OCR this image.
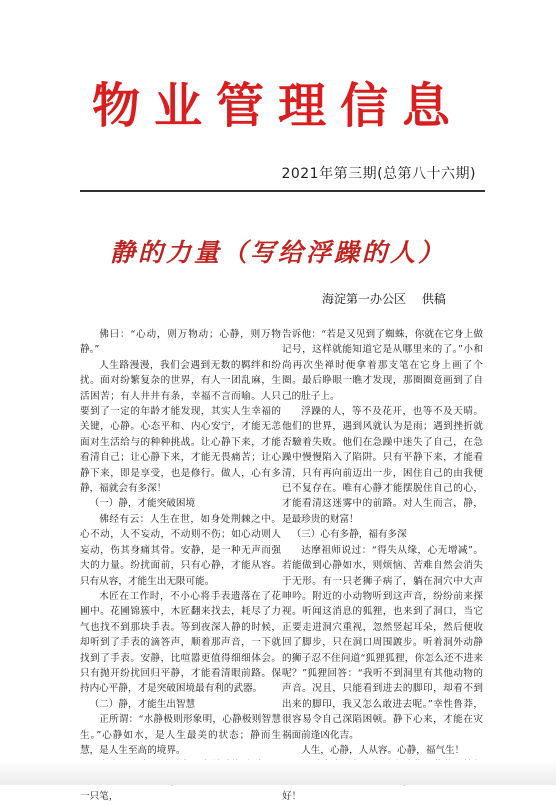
物业管理信息
2021年第三期(总第八十六期)
静的力量（写给浮躁的人）
海淀第一办公区 供稿

佛曰：“心动，则万物动；心静，则万物静。”

人生路漫漫，我们会遇到无数的羁绊和纷扰。面对纷繁复杂的世界，有人一团乱麻，生活困苦；有人井井有条，幸福不言而喻。人只要到了一定的年龄才能发现，其实人生幸福的关键，心静。心态平和、内心安宁，才能无恙面对生活给与的种种挑战。让心静下来，才能看清自己；让心静下来，才能无畏痛苦；让心静下来，即是享受，也是修行。做人，心有多静，福就会有多深！

（一）静，才能突破困境

佛经有云：人生在世，如身处荆棘之中。心不动，人不妄动，不动则不伤；如心动则人妄动，伤其身痛其骨。安静，是一种无声而强大的力量。纷扰面前，只有心静，才能从容。只有从容，才能生出无限可能。

木匠在工作时，不小心将手表遗落在了花圃中。花圃锦簇中，木匠翻来找去，耗尽了力气也找不到那块手表。等到夜深人静的时候，却听到了手表的滴答声，顺着那声音，一下就找到了手表。安静，比喧嚣更值得细细体会。只有抛开纷扰回归平静，才能看清眼前路。保持内心平静，才是突破困境最有利的武器。

（二）静，才能生出智慧

正所谓：“水静极则形象明，心静极则智慧生。”心静如水，是人生最美的状态；静而生慧，是人生至高的境界。

一只笔，

告诉他：“若是又见到了蜘蛛，你就在它身上做记号，这样就能知道它是从哪里来的了。”小和尚再次坐禅时便拿着那支笔在它身上画了个圈。最后睁眼一瞧才发现，那圈圈竟画到了自己的肚子上。

浮躁的人，等不及花开，也等不及天晴。他们的世界，遇到风就认为是雨；遇到挫折就否驗着失败。他们在急躁中迷失了自己，在急躁中慢慢陷入了陷阱。只有平静下来，才能看清，只有再向前迈出一步，困住自己的由我便已不复存在。唯有心静才能摆脱住自己的心，才能看清这迷雾中的前路。对人生而言，静，是最珍贵的财富！

（三）心有多静，福有多深

达摩祖师说过：“得失从缘，心无增减”。若能做到心静如水，则烦恼、苦难自然会消失于无形。有一只老狮子病了，躺在洞穴中大声呻吟。附近的小动物听到这声音，纷纷前来探视。听闻这消息的狐狸，也来到了洞口，当它正要走进洞穴重视，忽然竖起耳朵，然后便收回了脚步，只在洞口周围踱步。听着洞外动静的狮子忍不住问道“狐狸狐狸，你怎么还不进来呢？”狐狸回答：“我听不到洞里有其他动物的声音。况且，只能看到进去的脚印，却看不到出来的脚印，我又怎么敢进去呢。”幸性鲁莽，很容易令自己深陷困顿。静下心来，才能在灾祸面前逢凶化吉。

人生，心静，人从容。心静，福气生！

好！
